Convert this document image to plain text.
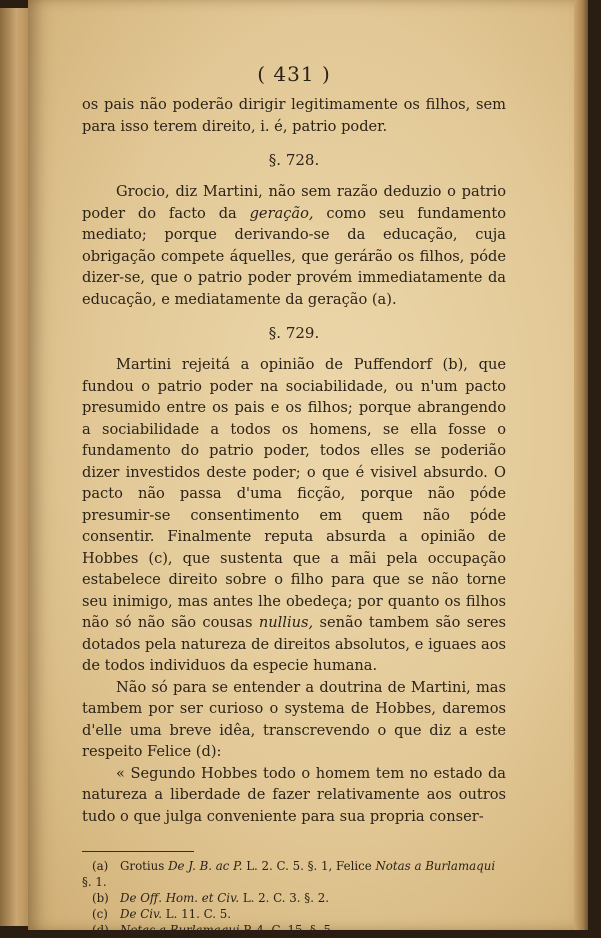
( 431 )

os pais não poderão dirigir legitimamente os filhos, sem para isso terem direito, i. é, patrio poder.

§. 728.

Grocio, diz Martini, não sem razão deduzio o patrio poder do facto da geração, como seu fundamento mediato; porque derivando-se da educação, cuja obrigação compete áquelles, que gerárão os filhos, póde dizer-se, que o patrio poder provém immediatamente da educação, e mediatamente da geração (a).

§. 729.

Martini rejeitá a opinião de Puffendorf (b), que fundou o patrio poder na sociabilidade, ou n'um pacto presumido entre os pais e os filhos; porque abrangendo a sociabilidade a todos os homens, se ella fosse o fundamento do patrio poder, todos elles se poderião dizer investidos deste poder; o que é visivel absurdo. O pacto não passa d'uma ficção, porque não póde presumir-se consentimento em quem não póde consentir. Finalmente reputa absurda a opinião de Hobbes (c), que sustenta que a mãi pela occupação estabelece direito sobre o filho para que se não torne seu inimigo, mas antes lhe obedeça; por quanto os filhos não só não são cousas nullius, senão tambem são seres dotados pela natureza de direitos absolutos, e iguaes aos de todos individuos da especie humana.

Não só para se entender a doutrina de Martini, mas tambem por ser curioso o systema de Hobbes, daremos d'elle uma breve idêa, transcrevendo o que diz a este respeito Felice (d):

« Segundo Hobbes todo o homem tem no estado da natureza a liberdade de fazer relativamente aos outros tudo o que julga conveniente para sua propria conser-

(a) Grotius De J. B. ac P. L. 2. C. 5. §. 1, Felice Notas a Burlamaqui §. 1.

(b) De Off. Hom. et Civ. L. 2. C. 3. §. 2.

(c) De Civ. L. 11. C. 5.

(d) Notas a Burlamaqui P. 4. C. 15. §. 5.
